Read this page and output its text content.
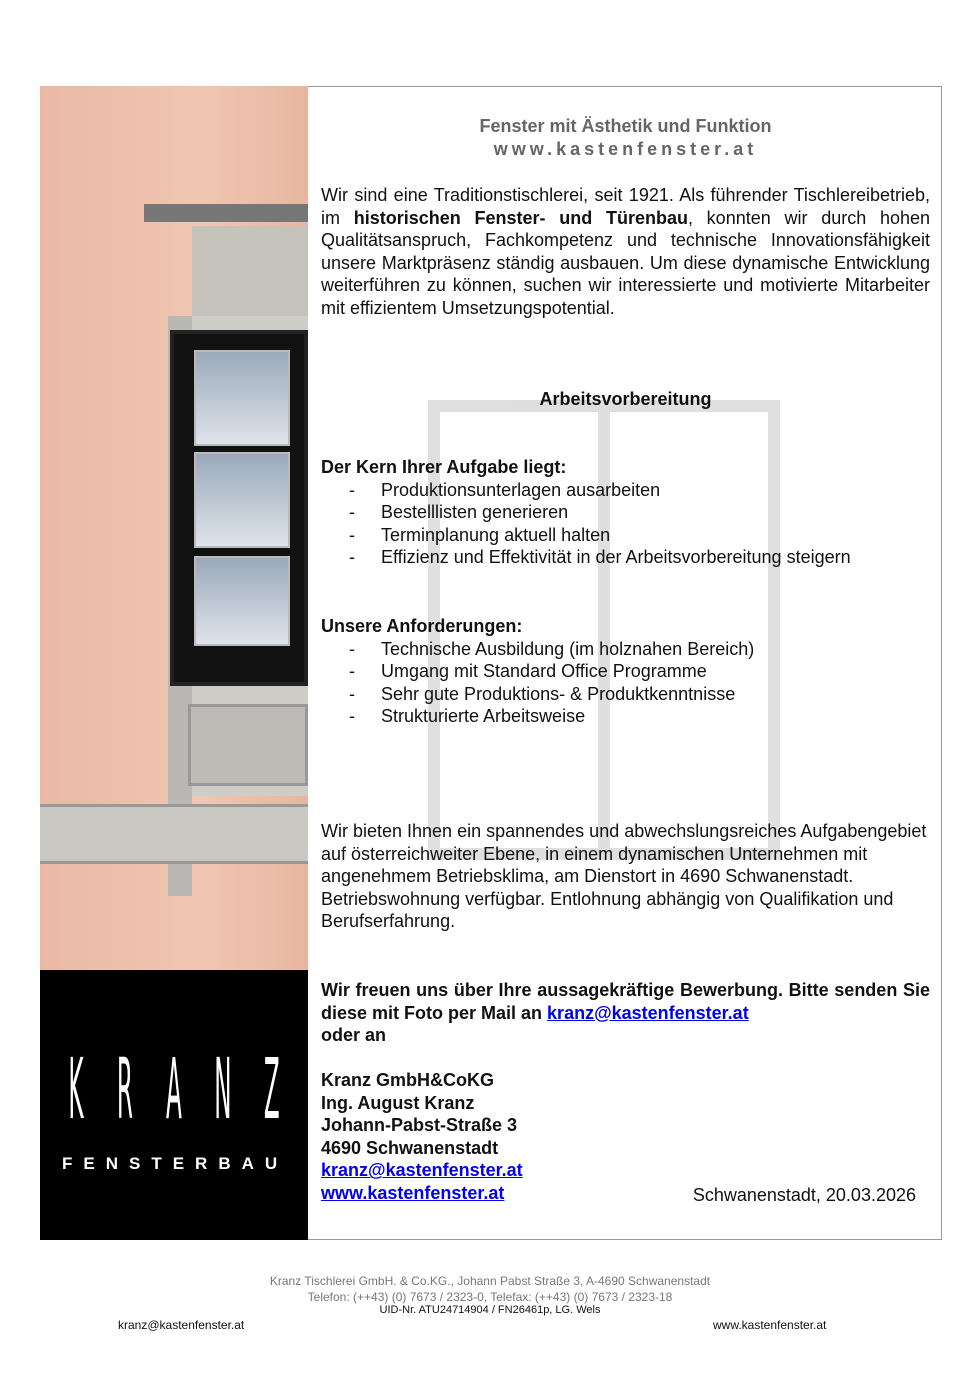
K R A N Z
FENSTERBAU
Fenster mit Ästhetik und Funktion
www.kastenfenster.at
Wir sind eine Traditionstischlerei, seit 1921. Als führender Tischlereibetrieb, im historischen Fenster- und Türenbau, konnten wir durch hohen Qualitätsanspruch, Fachkompetenz und technische Innovationsfähigkeit unsere Marktpräsenz ständig ausbauen. Um diese dynamische Entwicklung weiterführen zu können, suchen wir interessierte und motivierte Mitarbeiter mit effizientem Umsetzungspotential.
Arbeitsvorbereitung
Der Kern Ihrer Aufgabe liegt:
- Produktionsunterlagen ausarbeiten
- Bestelllisten generieren
- Terminplanung aktuell halten
- Effizienz und Effektivität in der Arbeitsvorbereitung steigern
Unsere Anforderungen:
- Technische Ausbildung (im holznahen Bereich)
- Umgang mit Standard Office Programme
- Sehr gute Produktions- & Produktkenntnisse
- Strukturierte Arbeitsweise
Wir bieten Ihnen ein spannendes und abwechslungsreiches Aufgabengebiet auf österreichweiter Ebene, in einem dynamischen Unternehmen mit angenehmem Betriebsklima, am Dienstort in 4690 Schwanenstadt. Betriebswohnung verfügbar. Entlohnung abhängig von Qualifikation und Berufserfahrung.
Wir freuen uns über Ihre aussagekräftige Bewerbung. Bitte senden Sie diese mit Foto per Mail an kranz@kastenfenster.at
oder an
Kranz GmbH&CoKG
Ing. August Kranz
Johann-Pabst-Straße 3
4690 Schwanenstadt
kranz@kastenfenster.at
www.kastenfenster.at	Schwanenstadt, 20.03.2026
Kranz Tischlerei GmbH. & Co.KG., Johann Pabst Straße 3, A-4690 Schwanenstadt
Telefon: (++43) (0) 7673 / 2323-0, Telefax: (++43) (0) 7673 / 2323-18
UID-Nr. ATU24714904 / FN26461p, LG. Wels
kranz@kastenfenster.at	www.kastenfenster.at
